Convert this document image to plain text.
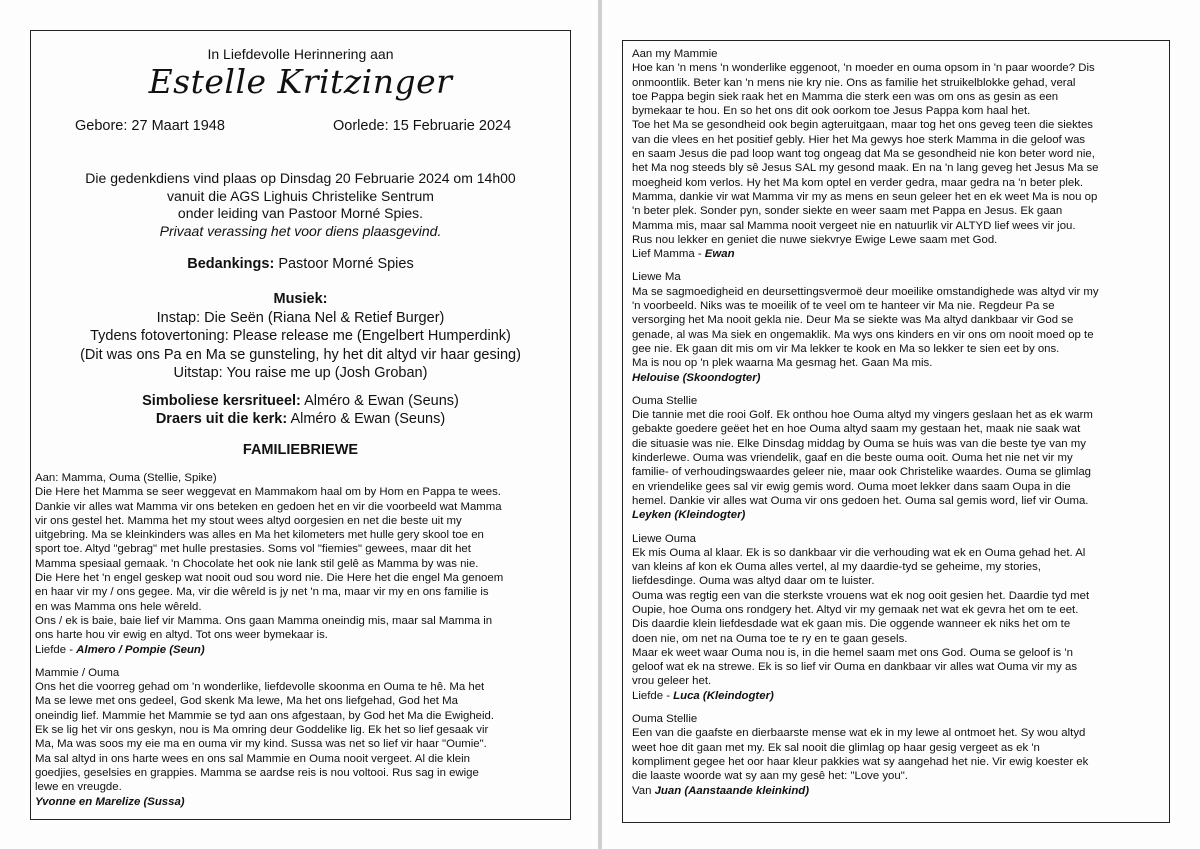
In Liefdevolle Herinnering aan
Estelle Kritzinger
Gebore: 27 Maart 1948	Oorlede: 15 Februarie 2024
Die gedenkdiens vind plaas op Dinsdag 20 Februarie 2024 om 14h00
vanuit die AGS Lighuis Christelike Sentrum
onder leiding van Pastoor Morné Spies.
Privaat verassing het voor diens plaasgevind.
Bedankings: Pastoor Morné Spies
Musiek:
Instap: Die Seën (Riana Nel & Retief Burger)
Tydens fotovertoning: Please release me (Engelbert Humperdink)
(Dit was ons Pa en Ma se gunsteling, hy het dit altyd vir haar gesing)
Uitstap: You raise me up (Josh Groban)
Simboliese kersritueel: Alméro & Ewan (Seuns)
Draers uit die kerk: Alméro & Ewan (Seuns)
FAMILIEBRIEWE

Aan: Mamma, Ouma (Stellie, Spike)

Die Here het Mamma se seer weggevat en Mammakom haal om by Hom en Pappa te wees.

Dankie vir alles wat Mamma vir ons beteken en gedoen het en vir die voorbeeld wat Mamma

vir ons gestel het. Mamma het my stout wees altyd oorgesien en net die beste uit my

uitgebring. Ma se kleinkinders was alles en Ma het kilometers met hulle gery skool toe en

sport toe. Altyd "gebrag" met hulle prestasies. Soms vol "fiemies" gewees, maar dit het

Mamma spesiaal gemaak. 'n Chocolate het ook nie lank stil gelê as Mamma by was nie.

Die Here het 'n engel geskep wat nooit oud sou word nie. Die Here het die engel Ma genoem

en haar vir my / ons gegee. Ma, vir die wêreld is jy net 'n ma, maar vir my en ons familie is

en was Mamma ons hele wêreld.

Ons / ek is baie, baie lief vir Mamma. Ons gaan Mamma oneindig mis, maar sal Mamma in

ons harte hou vir ewig en altyd. Tot ons weer bymekaar is.

Liefde - Almero / Pompie (Seun)

Mammie / Ouma

Ons het die voorreg gehad om 'n wonderlike, liefdevolle skoonma en Ouma te hê. Ma het

Ma se lewe met ons gedeel, God skenk Ma lewe, Ma het ons liefgehad, God het Ma

oneindig lief. Mammie het Mammie se tyd aan ons afgestaan, by God het Ma die Ewigheid.

Ek se lig het vir ons geskyn, nou is Ma omring deur Goddelike lig. Ek het so lief gesaak vir

Ma, Ma was soos my eie ma en ouma vir my kind. Sussa was net so lief vir haar "Oumie".

Ma sal altyd in ons harte wees en ons sal Mammie en Ouma nooit vergeet. Al die klein

goedjies, geselsies en grappies. Mamma se aardse reis is nou voltooi. Rus sag in ewige

lewe en vreugde.

Yvonne en Marelize (Sussa)

Aan my Mammie

Hoe kan 'n mens 'n wonderlike eggenoot, 'n moeder en ouma opsom in 'n paar woorde? Dis

onmoontlik. Beter kan 'n mens nie kry nie. Ons as familie het struikelblokke gehad, veral

toe Pappa begin siek raak het en Mamma die sterk een was om ons as gesin as een

bymekaar te hou. En so het ons dit ook oorkom toe Jesus Pappa kom haal het.

Toe het Ma se gesondheid ook begin agteruitgaan, maar tog het ons geveg teen die siektes

van die vlees en het positief gebly. Hier het Ma gewys hoe sterk Mamma in die geloof was

en saam Jesus die pad loop want tog ongeag dat Ma se gesondheid nie kon beter word nie,

het Ma nog steeds bly sê Jesus SAL my gesond maak. En na 'n lang geveg het Jesus Ma se

moegheid kom verlos. Hy het Ma kom optel en verder gedra, maar gedra na 'n beter plek.

Mamma, dankie vir wat Mamma vir my as mens en seun geleer het en ek weet Ma is nou op

'n beter plek. Sonder pyn, sonder siekte en weer saam met Pappa en Jesus. Ek gaan

Mamma mis, maar sal Mamma nooit vergeet nie en natuurlik vir ALTYD lief wees vir jou.

Rus nou lekker en geniet die nuwe siekvrye Ewige Lewe saam met God.

Lief Mamma - Ewan

Liewe Ma

Ma se sagmoedigheid en deursettingsvermoë deur moeilike omstandighede was altyd vir my

'n voorbeeld. Niks was te moeilik of te veel om te hanteer vir Ma nie. Regdeur Pa se

versorging het Ma nooit gekla nie. Deur Ma se siekte was Ma altyd dankbaar vir God se

genade, al was Ma siek en ongemaklik. Ma wys ons kinders en vir ons om nooit moed op te

gee nie. Ek gaan dit mis om vir Ma lekker te kook en Ma so lekker te sien eet by ons.

Ma is nou op 'n plek waarna Ma gesmag het. Gaan Ma mis.

Helouise (Skoondogter)

Ouma Stellie

Die tannie met die rooi Golf. Ek onthou hoe Ouma altyd my vingers geslaan het as ek warm

gebakte goedere geëet het en hoe Ouma altyd saam my gestaan het, maak nie saak wat

die situasie was nie. Elke Dinsdag middag by Ouma se huis was van die beste tye van my

kinderlewe. Ouma was vriendelik, gaaf en die beste ouma ooit. Ouma het nie net vir my

familie- of verhoudingswaardes geleer nie, maar ook Christelike waardes. Ouma se glimlag

en vriendelike gees sal vir ewig gemis word. Ouma moet lekker dans saam Oupa in die

hemel. Dankie vir alles wat Ouma vir ons gedoen het. Ouma sal gemis word, lief vir Ouma.

Leyken (Kleindogter)

Liewe Ouma

Ek mis Ouma al klaar. Ek is so dankbaar vir die verhouding wat ek en Ouma gehad het. Al

van kleins af kon ek Ouma alles vertel, al my daardie-tyd se geheime, my stories,

liefdesdinge. Ouma was altyd daar om te luister.

Ouma was regtig een van die sterkste vrouens wat ek nog ooit gesien het. Daardie tyd met

Oupie, hoe Ouma ons rondgery het. Altyd vir my gemaak net wat ek gevra het om te eet.

Dis daardie klein liefdesdade wat ek gaan mis. Die oggende wanneer ek niks het om te

doen nie, om net na Ouma toe te ry en te gaan gesels.

Maar ek weet waar Ouma nou is, in die hemel saam met ons God. Ouma se geloof is 'n

geloof wat ek na strewe. Ek is so lief vir Ouma en dankbaar vir alles wat Ouma vir my as

vrou geleer het.

Liefde - Luca (Kleindogter)

Ouma Stellie

Een van die gaafste en dierbaarste mense wat ek in my lewe al ontmoet het. Sy wou altyd

weet hoe dit gaan met my. Ek sal nooit die glimlag op haar gesig vergeet as ek 'n

kompliment gegee het oor haar kleur pakkies wat sy aangehad het nie. Vir ewig koester ek

die laaste woorde wat sy aan my gesê het: "Love you".

Van Juan (Aanstaande kleinkind)
